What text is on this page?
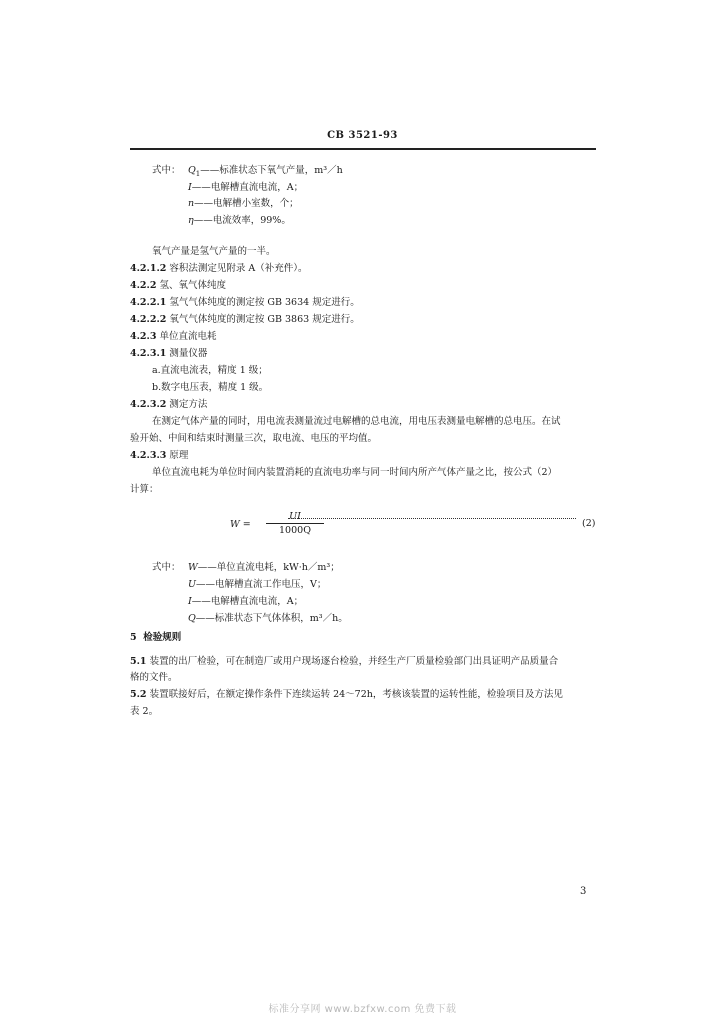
CB 3521-93
式中： $Q_1——$标准状态下氧气产量，m³／h
I——电解槽直流电流，A；
n——电解槽小室数，个；
η——电流效率，99%。
氧气产量是氢气产量的一半。
4.2.1.2 容积法测定见附录 A（补充件）。
4.2.2 氢、氧气体纯度
4.2.2.1 氢气气体纯度的测定按 GB 3634 规定进行。
4.2.2.2 氧气气体纯度的测定按 GB 3863 规定进行。
4.2.3 单位直流电耗
4.2.3.1 测量仪器
a.直流电流表，精度 1 级；
b.数字电压表，精度 1 级。
4.2.3.2 测定方法
在测定气体产量的同时，用电流表测量流过电解槽的总电流，用电压表测量电解槽的总电压。在试
验开始、中间和结束时测量三次，取电流、电压的平均值。
4.2.3.3 原理
单位直流电耗为单位时间内装置消耗的直流电功率与同一时间内所产气体产量之比，按公式（2）
计算：
$W = \frac{UI}{1000Q}$	(2)
式中： W——单位直流电耗，kW·h／m³；
U——电解槽直流工作电压，V；
I——电解槽直流电流，A；
Q——标准状态下气体体积，m³／h。
5 检验规则
5.1 装置的出厂检验，可在制造厂或用户现场逐台检验，并经生产厂质量检验部门出具证明产品质量合
格的文件。
5.2 装置联接好后，在额定操作条件下连续运转 24～72h，考核该装置的运转性能，检验项目及方法见
表 2。
3
标准分享网 www.bzfxw.com 免费下载
